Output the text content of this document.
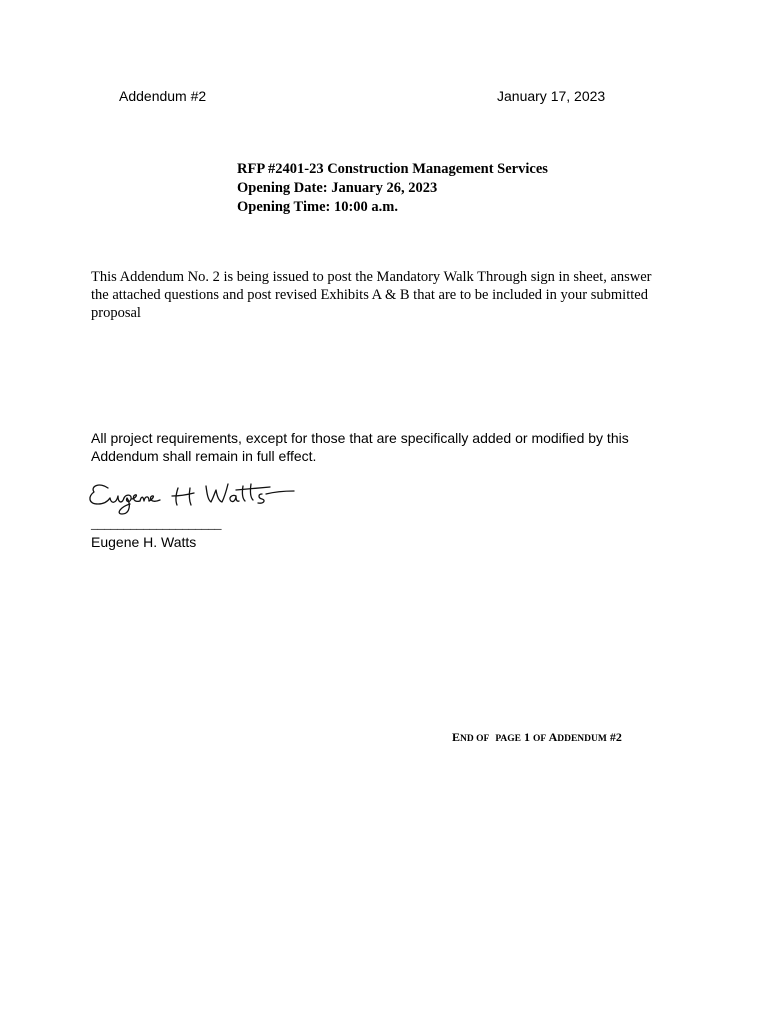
Addendum #2	January 17, 2023
RFP #2401-23 Construction Management Services
Opening Date: January 26, 2023
Opening Time: 10:00 a.m.
This Addendum No. 2 is being issued to post the Mandatory Walk Through sign in sheet, answer
the attached questions and post revised Exhibits A & B that are to be included in your submitted
proposal
All project requirements, except for those that are specifically added or modified by this
Addendum shall remain in full effect.
____________________
Eugene H. Watts
END OF PAGE 1 OF ADDENDUM #2
